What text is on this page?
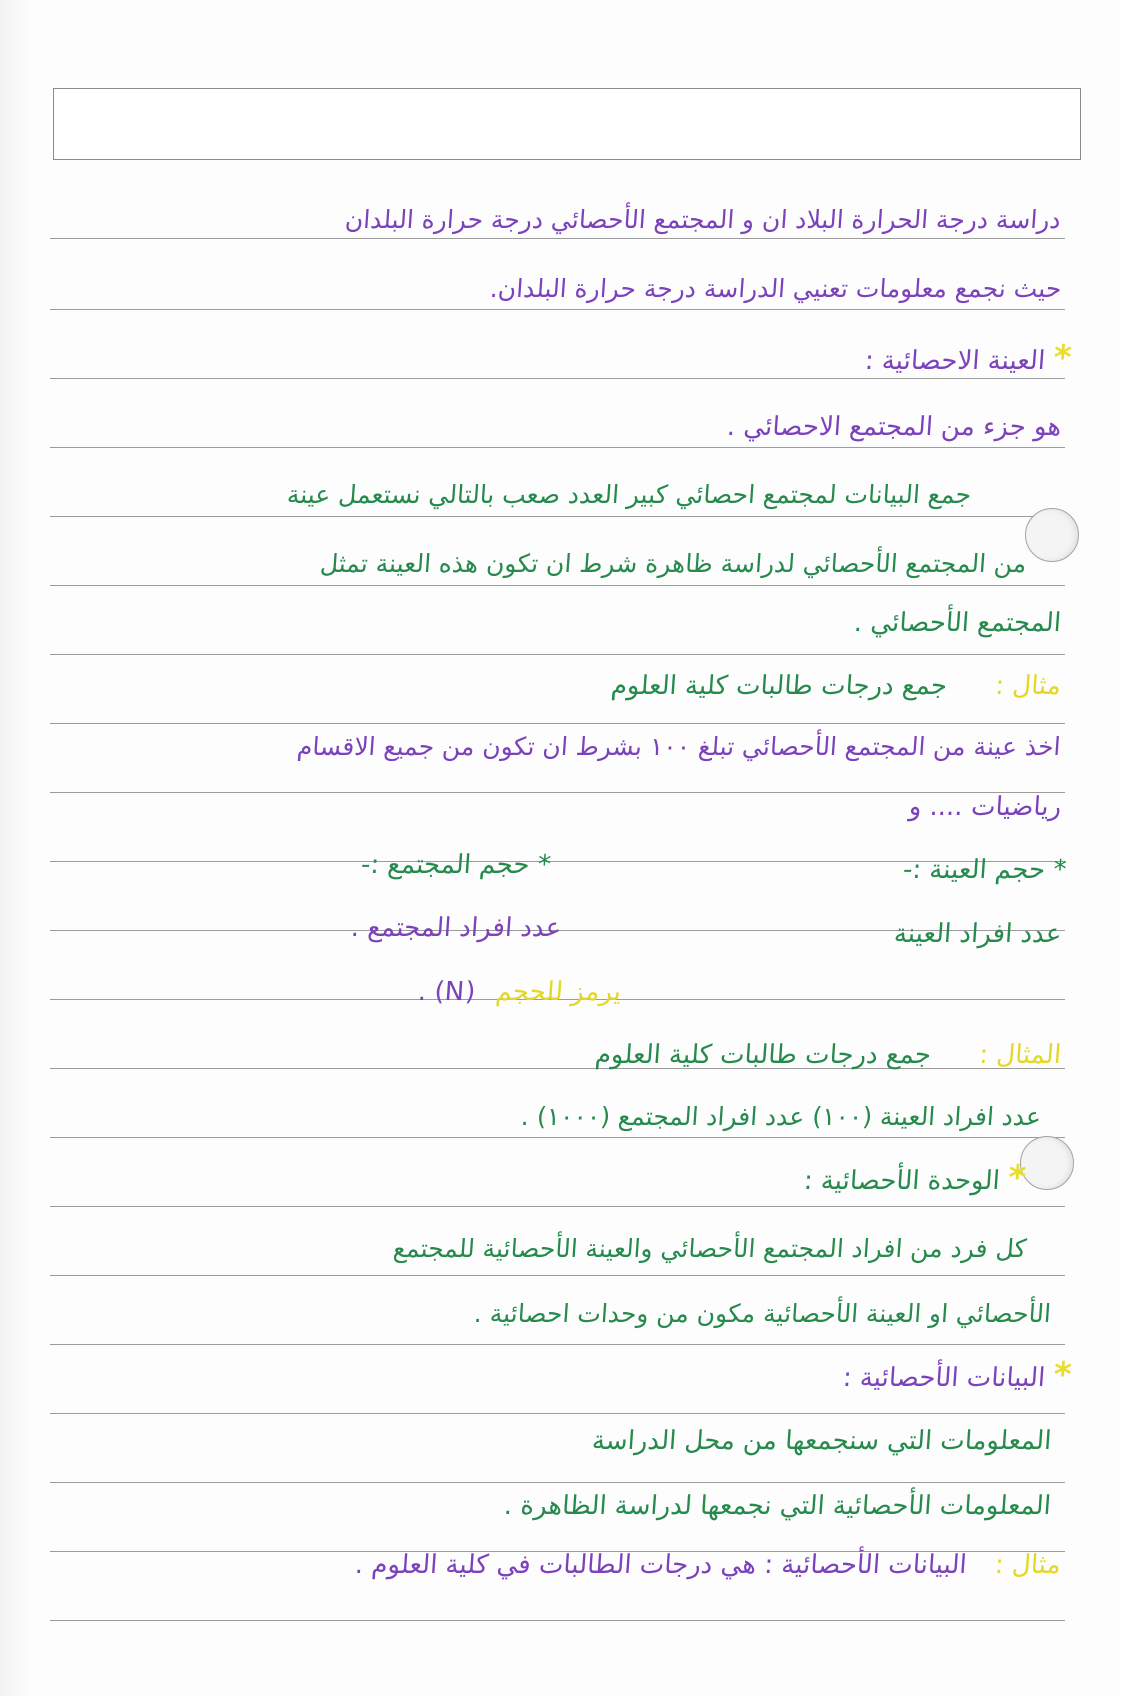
دراسة درجة الحرارة البلاد ان و المجتمع الأحصائي درجة حرارة البلدان
حيث نجمع معلومات تعنيي الدراسة درجة حرارة البلدان.
* العينة الاحصائية :
هو جزء من المجتمع الاحصائي .
جمع البيانات لمجتمع احصائي كبير العدد صعب بالتالي نستعمل عينة
من المجتمع الأحصائي لدراسة ظاهرة شرط ان تكون هذه العينة تمثل
المجتمع الأحصائي .
مثال : جمع درجات طالبات كلية العلوم
اخذ عينة من المجتمع الأحصائي تبلغ ١٠٠ بشرط ان تكون من جميع الاقسام
رياضيات .... و
* حجم العينة :-
* حجم المجتمع :-
عدد افراد العينة
عدد افراد المجتمع .
يرمز للحجم (N) .
المثال : جمع درجات طالبات كلية العلوم
عدد افراد العينة (١٠٠) عدد افراد المجتمع (١٠٠٠) .
* الوحدة الأحصائية :
كل فرد من افراد المجتمع الأحصائي والعينة الأحصائية للمجتمع
الأحصائي او العينة الأحصائية مكون من وحدات احصائية .
* البيانات الأحصائية :
المعلومات التي سنجمعها من محل الدراسة
المعلومات الأحصائية التي نجمعها لدراسة الظاهرة .
مثال : البيانات الأحصائية : هي درجات الطالبات في كلية العلوم .
